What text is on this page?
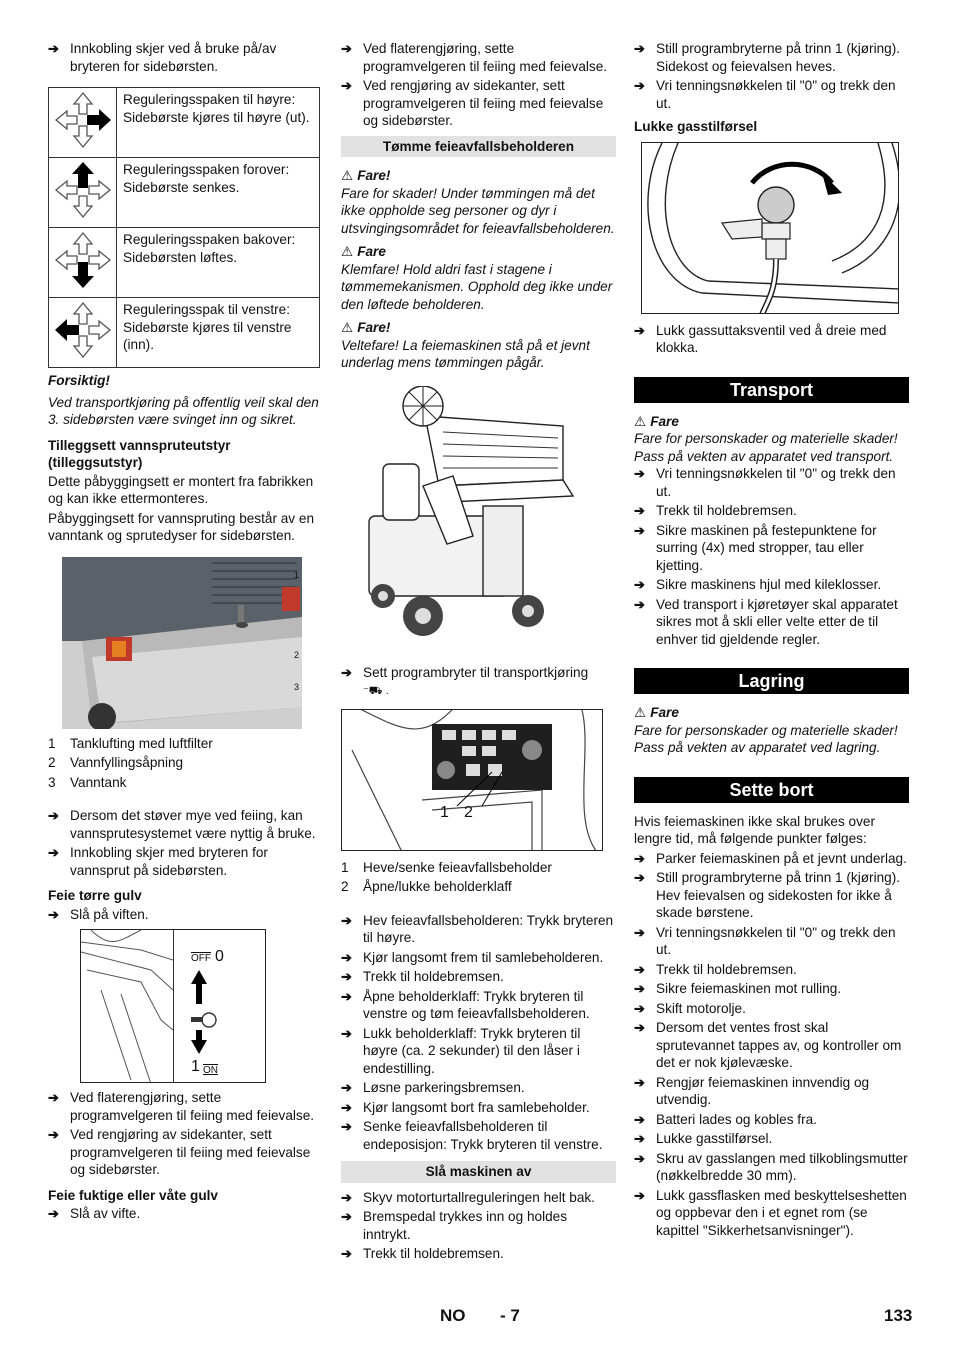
➔ Innkobling skjer ved å bruke på/av bryteren for sidebørsten.
	Reguleringsspaken til høyre: Sidebørste kjøres til høyre (ut).
	Reguleringsspaken forover: Sidebørste senkes.
	Reguleringsspaken bakover: Sidebørsten løftes.
	Reguleringsspak til venstre: Sidebørste kjøres til venstre (inn).
Forsiktig!
Ved transportkjøring på offentlig veil skal den 3. sidebørsten være svinget inn og sikret.
Tilleggsett vannspruteutstyr (tilleggsutstyr)
Dette påbyggingsett er montert fra fabrikken og kan ikke ettermonteres.
Påbyggingsett for vannspruting består av en vanntank og sprutedyser for sidebørsten.
1
2
3
1 Tanklufting med luftfilter
2 Vannfyllingsåpning
3 Vanntank
➔ Dersom det støver mye ved feiing, kan vannsprutesystemet være nyttig å bruke.
➔ Innkobling skjer med bryteren for vannsprut på sidebørsten.
Feie tørre gulv
➔ Slå på viften.
$\overline{OFF}$ 0
1 ON
➔ Ved flaterengjøring, sette programvelgeren til feiing med feievalse.
➔ Ved rengjøring av sidekanter, sett programvelgeren til feiing med feievalse og sidebørster.
Feie fuktige eller våte gulv
➔ Slå av vifte.
➔ Ved flaterengjøring, sette programvelgeren til feiing med feievalse.
➔ Ved rengjøring av sidekanter, sett programvelgeren til feiing med feievalse og sidebørster.
Tømme feieavfallsbeholderen
⚠ Fare!
Fare for skader! Under tømmingen må det ikke oppholde seg personer og dyr i utsvingingsområdet for feieavfallsbeholderen.
⚠ Fare
Klemfare! Hold aldri fast i stagene i tømmemekanismen. Opphold deg ikke under den løftede beholderen.
⚠ Fare!
Veltefare! La feiemaskinen stå på et jevnt underlag mens tømmingen pågår.
➔ Sett programbryter til transportkjøring
⁻⛟ .
1 2
1 Heve/senke feieavfallsbeholder
2 Åpne/lukke beholderklaff
➔ Hev feieavfallsbeholderen: Trykk bryteren til høyre.
➔ Kjør langsomt frem til samlebeholderen.
➔ Trekk til holdebremsen.
➔ Åpne beholderklaff: Trykk bryteren til venstre og tøm feieavfallsbeholderen.
➔ Lukk beholderklaff: Trykk bryteren til høyre (ca. 2 sekunder) til den låser i endestilling.
➔ Løsne parkeringsbremsen.
➔ Kjør langsomt bort fra samlebeholder.
➔ Senke feieavfallsbeholderen til endeposisjon: Trykk bryteren til venstre.
Slå maskinen av
➔ Skyv motorturtallreguleringen helt bak.
➔ Bremspedal trykkes inn og holdes inntrykt.
➔ Trekk til holdebremsen.
➔ Still programbryterne på trinn 1 (kjøring). Sidekost og feievalsen heves.
➔ Vri tenningsnøkkelen til "0" og trekk den ut.
Lukke gasstilførsel
➔ Lukk gassuttaksventil ved å dreie med klokka.
Transport
⚠ Fare
Fare for personskader og materielle skader! Pass på vekten av apparatet ved transport.
➔ Vri tenningsnøkkelen til "0" og trekk den ut.
➔ Trekk til holdebremsen.
➔ Sikre maskinen på festepunktene for surring (4x) med stropper, tau eller kjetting.
➔ Sikre maskinens hjul med kileklosser.
➔ Ved transport i kjøretøyer skal apparatet sikres mot å skli eller velte etter de til enhver tid gjeldende regler.
Lagring
⚠ Fare
Fare for personskader og materielle skader! Pass på vekten av apparatet ved lagring.
Sette bort
Hvis feiemaskinen ikke skal brukes over lengre tid, må følgende punkter følges:
➔ Parker feiemaskinen på et jevnt underlag.
➔ Still programbryterne på trinn 1 (kjøring). Hev feievalsen og sidekosten for ikke å skade børstene.
➔ Vri tenningsnøkkelen til "0" og trekk den ut.
➔ Trekk til holdebremsen.
➔ Sikre feiemaskinen mot rulling.
➔ Skift motorolje.
➔ Dersom det ventes frost skal sprutevannet tappes av, og kontroller om det er nok kjølevæske.
➔ Rengjør feiemaskinen innvendig og utvendig.
➔ Batteri lades og kobles fra.
➔ Lukke gasstilførsel.
➔ Skru av gasslangen med tilkoblingsmutter (nøkkelbredde 30 mm).
➔ Lukk gassflasken med beskyttelseshetten og oppbevar den i et egnet rom (se kapittel "Sikkerhetsanvisninger").
NO - 7	133
